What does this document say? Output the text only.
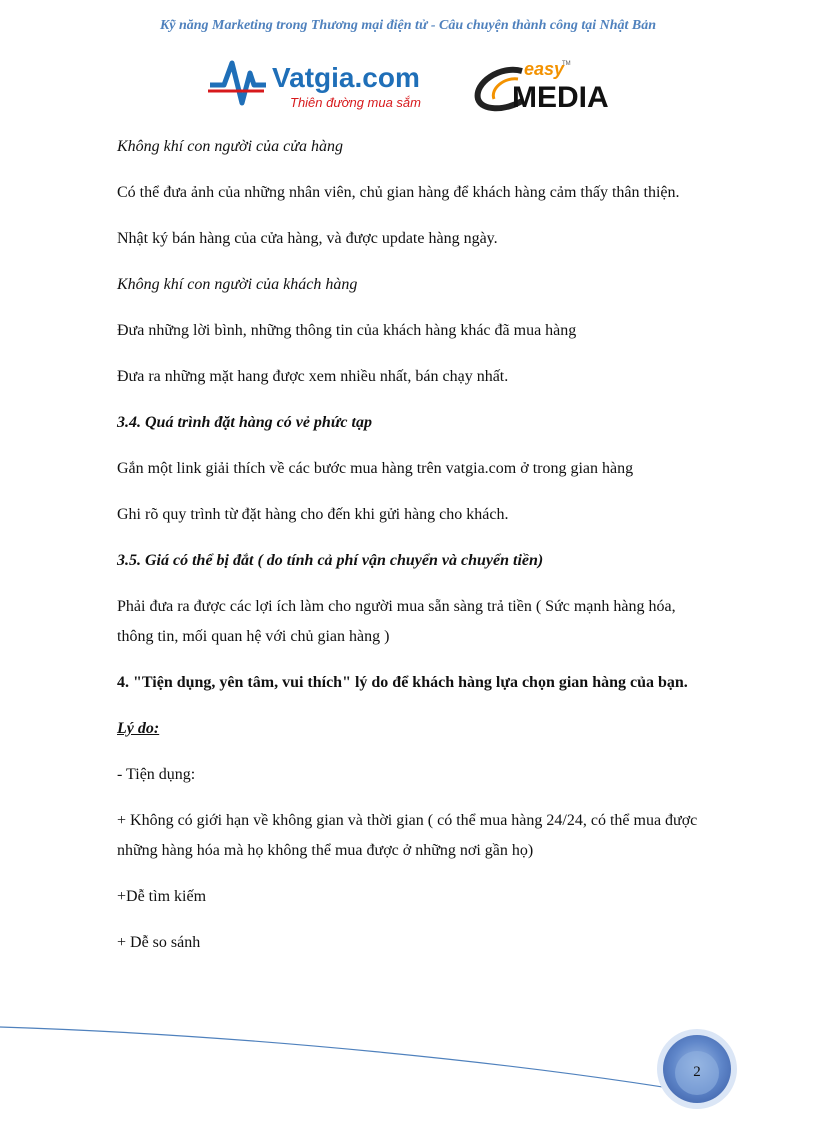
Kỹ năng Marketing trong Thương mại điện tử - Câu chuyện thành công tại Nhật Bản
Vatgia.com
Thiên đường mua sắm
easy
TM
MEDIA

Không khí con người của cửa hàng

Có thể đưa ảnh của những nhân viên, chủ gian hàng để khách hàng cảm thấy thân thiện.

Nhật ký bán hàng của cửa hàng, và được update hàng ngày.

Không khí con người của khách hàng

Đưa những lời bình, những thông tin của khách hàng khác đã mua hàng

Đưa ra những mặt hang được xem nhiều nhất, bán chạy nhất.

3.4. Quá trình đặt hàng có vẻ phức tạp

Gắn một link giải thích về các bước mua hàng trên vatgia.com ở trong gian hàng

Ghi rõ quy trình từ đặt hàng cho đến khi gửi hàng cho khách.

3.5. Giá có thể bị đắt ( do tính cả phí vận chuyển và chuyển tiền)

Phải đưa ra được các lợi ích làm cho người mua sẵn sàng trả tiền ( Sức mạnh hàng hóa, thông tin, mối quan hệ với chủ gian hàng )

4. "Tiện dụng, yên tâm, vui thích" lý do để khách hàng lựa chọn gian hàng của bạn.

Lý do:

- Tiện dụng:

+ Không có giới hạn về không gian và thời gian ( có thể mua hàng 24/24, có thể mua được những hàng hóa mà họ không thể mua được ở những nơi gần họ)

+Dễ tìm kiếm

+ Dễ so sánh

2
